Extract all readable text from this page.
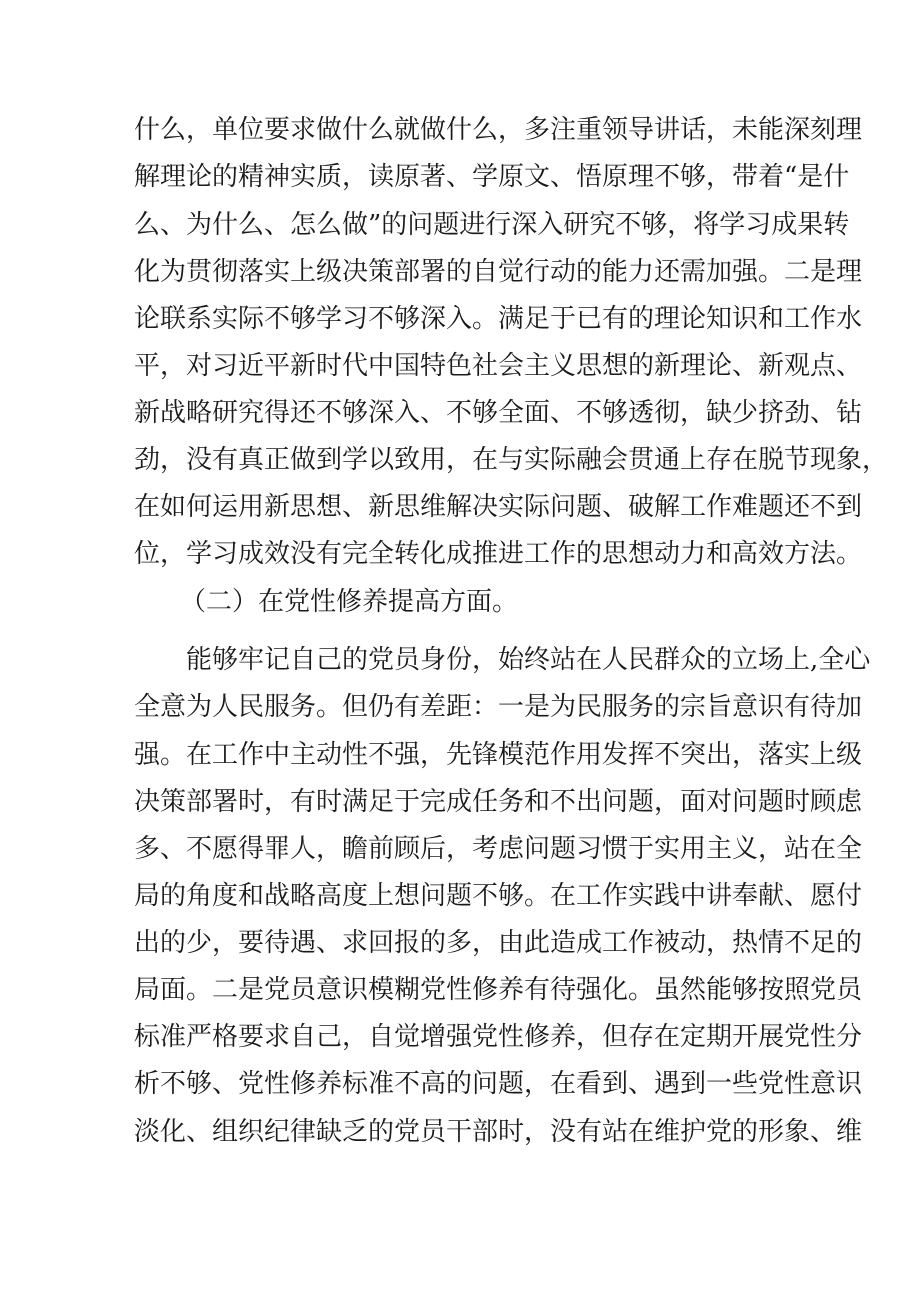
什么，单位要求做什么就做什么，多注重领导讲话，未能深刻理
解理论的精神实质，读原著、学原文、悟原理不够，带着“是什
么、为什么、怎么做”的问题进行深入研究不够，将学习成果转
化为贯彻落实上级决策部署的自觉行动的能力还需加强。二是理
论联系实际不够学习不够深入。满足于已有的理论知识和工作水
平，对习近平新时代中国特色社会主义思想的新理论、新观点、
新战略研究得还不够深入、不够全面、不够透彻，缺少挤劲、钻
劲，没有真正做到学以致用，在与实际融会贯通上存在脱节现象，
在如何运用新思想、新思维解决实际问题、破解工作难题还不到
位，学习成效没有完全转化成推进工作的思想动力和高效方法。
（二）在党性修养提高方面。
能够牢记自己的党员身份，始终站在人民群众的立场上,全心
全意为人民服务。但仍有差距：一是为民服务的宗旨意识有待加
强。在工作中主动性不强，先锋模范作用发挥不突出，落实上级
决策部署时，有时满足于完成任务和不出问题，面对问题时顾虑
多、不愿得罪人，瞻前顾后，考虑问题习惯于实用主义，站在全
局的角度和战略高度上想问题不够。在工作实践中讲奉献、愿付
出的少，要待遇、求回报的多，由此造成工作被动，热情不足的
局面。二是党员意识模糊党性修养有待强化。虽然能够按照党员
标准严格要求自己，自觉增强党性修养，但存在定期开展党性分
析不够、党性修养标准不高的问题，在看到、遇到一些党性意识
淡化、组织纪律缺乏的党员干部时，没有站在维护党的形象、维
